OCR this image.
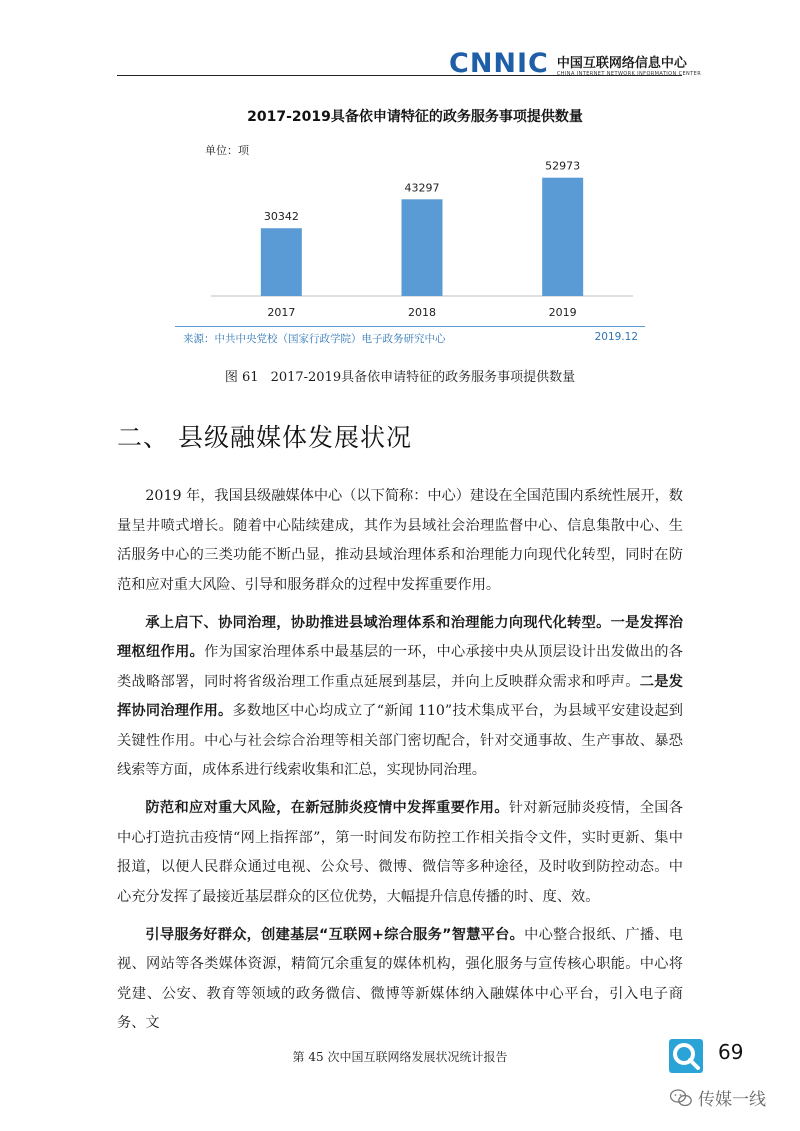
CNNIC 中国互联网络信息中心
CHINA INTERNET NETWORK INFORMATION CENTER
2017-2019具备依申请特征的政务服务事项提供数量
单位：项
30342
2017
43297
2018
52973
2019
来源：中共中央党校（国家行政学院）电子政务研究中心	2019.12
图 61 2017-2019具备依申请特征的政务服务事项提供数量
二、 县级融媒体发展状况

2019 年，我国县级融媒体中心（以下简称：中心）建设在全国范围内系统性展开，数量呈井喷式增长。随着中心陆续建成，其作为县域社会治理监督中心、信息集散中心、生活服务中心的三类功能不断凸显，推动县域治理体系和治理能力向现代化转型，同时在防范和应对重大风险、引导和服务群众的过程中发挥重要作用。

承上启下、协同治理，协助推进县域治理体系和治理能力向现代化转型。一是发挥治理枢纽作用。作为国家治理体系中最基层的一环，中心承接中央从顶层设计出发做出的各类战略部署，同时将省级治理工作重点延展到基层，并向上反映群众需求和呼声。二是发挥协同治理作用。多数地区中心均成立了“新闻 110”技术集成平台，为县域平安建设起到关键性作用。中心与社会综合治理等相关部门密切配合，针对交通事故、生产事故、暴恐线索等方面，成体系进行线索收集和汇总，实现协同治理。

防范和应对重大风险，在新冠肺炎疫情中发挥重要作用。针对新冠肺炎疫情，全国各中心打造抗击疫情“网上指挥部”，第一时间发布防控工作相关指令文件，实时更新、集中报道，以便人民群众通过电视、公众号、微博、微信等多种途径，及时收到防控动态。中心充分发挥了最接近基层群众的区位优势，大幅提升信息传播的时、度、效。

引导服务好群众，创建基层“互联网+综合服务”智慧平台。中心整合报纸、广播、电视、网站等各类媒体资源，精简冗余重复的媒体机构，强化服务与宣传核心职能。中心将党建、公安、教育等领域的政务微信、微博等新媒体纳入融媒体中心平台，引入电子商务、文

第 45 次中国互联网络发展状况统计报告	69
传媒一线
